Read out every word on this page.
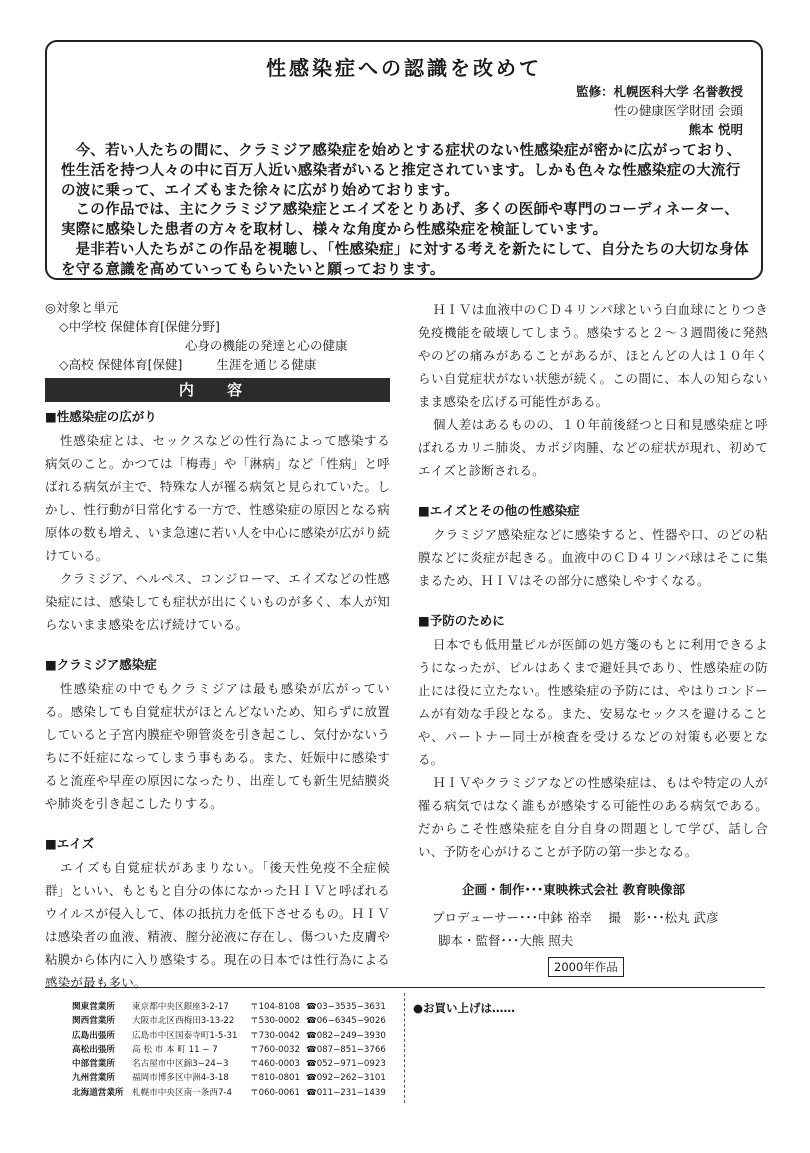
性感染症への認識を改めて
監修：札幌医科大学 名誉教授
性の健康医学財団 会頭
熊本 悦明

今、若い人たちの間に、クラミジア感染症を始めとする症状のない性感染症が密かに広がっており、性生活を持つ人々の中に百万人近い感染者がいると推定されています。しかも色々な性感染症の大流行の波に乗って、エイズもまた徐々に広がり始めております。

この作品では、主にクラミジア感染症とエイズをとりあげ、多くの医師や専門のコーディネーター、実際に感染した患者の方々を取材し、様々な角度から性感染症を検証しています。

是非若い人たちがこの作品を視聴し、「性感染症」に対する考えを新たにして、自分たちの大切な身体を守る意識を高めていってもらいたいと願っております。

◎対象と単元
◇中学校 保健体育[保健分野]
心身の機能の発達と心の健康
◇高校 保健体育[保健]	生涯を通じる健康
内 容
■性感染症の広がり

性感染症とは、セックスなどの性行為によって感染する病気のこと。かつては「梅毒」や「淋病」など「性病」と呼ばれる病気が主で、特殊な人が罹る病気と見られていた。しかし、性行動が日常化する一方で、性感染症の原因となる病原体の数も増え、いま急速に若い人を中心に感染が広がり続けている。

クラミジア、ヘルペス、コンジローマ、エイズなどの性感染症には、感染しても症状が出にくいものが多く、本人が知らないまま感染を広げ続けている。

■クラミジア感染症

性感染症の中でもクラミジアは最も感染が広がっている。感染しても自覚症状がほとんどないため、知らずに放置していると子宮内膜症や卵管炎を引き起こし、気付かないうちに不妊症になってしまう事もある。また、妊娠中に感染すると流産や早産の原因になったり、出産しても新生児結膜炎や肺炎を引き起こしたりする。

■エイズ

エイズも自覚症状があまりない。「後天性免疫不全症候群」といい、もともと自分の体になかったＨＩＶと呼ばれるウイルスが侵入して、体の抵抗力を低下させるもの。ＨＩＶは感染者の血液、精液、膣分泌液に存在し、傷ついた皮膚や粘膜から体内に入り感染する。現在の日本では性行為による感染が最も多い。

ＨＩＶは血液中のＣＤ４リンパ球という白血球にとりつき免疫機能を破壊してしまう。感染すると２〜３週間後に発熱やのどの痛みがあることがあるが、ほとんどの人は１０年くらい自覚症状がない状態が続く。この間に、本人の知らないまま感染を広げる可能性がある。

個人差はあるものの、１０年前後経つと日和見感染症と呼ばれるカリニ肺炎、カポジ肉腫、などの症状が現れ、初めてエイズと診断される。

■エイズとその他の性感染症

クラミジア感染症などに感染すると、性器や口、のどの粘膜などに炎症が起きる。血液中のＣＤ４リンパ球はそこに集まるため、ＨＩＶはその部分に感染しやすくなる。

■予防のために

日本でも低用量ピルが医師の処方箋のもとに利用できるようになったが、ピルはあくまで避妊具であり、性感染症の防止には役に立たない。性感染症の予防には、やはりコンドームが有効な手段となる。また、安易なセックスを避けることや、パートナー同士が検査を受けるなどの対策も必要となる。

ＨＩＶやクラミジアなどの性感染症は、もはや特定の人が罹る病気ではなく誰もが感染する可能性のある病気である。だからこそ性感染症を自分自身の問題として学び、話し合い、予防を心がけることが予防の第一歩となる。

企画・制作･･･東映株式会社 教育映像部
プロデューサー･･･中鉢 裕幸　 撮　影･･･松丸 武彦
脚本・監督･･･大熊 照夫
2000年作品
関東営業所 東京都中央区銀座3-2-17 〒104-8108 ☎03−3535−3631
関西営業所 大阪市北区西梅田3-13-22 〒530-0002 ☎06−6345−9026
広島出張所 広島市中区国泰寺町1-5-31 〒730-0042 ☎082−249−3930
高松出張所 高 松 市 本 町 11 − 7	〒760-0032 ☎087−851−3766
中部営業所 名古屋市中区錦3−24−3	〒460-0003 ☎052−971−0923
九州営業所 福岡市博多区中洲4-3-18 〒810-0801 ☎092−262−3101
北海道営業所 札幌市中央区南一条西7-4 〒060-0061 ☎011−231−1439
●お買い上げは……
